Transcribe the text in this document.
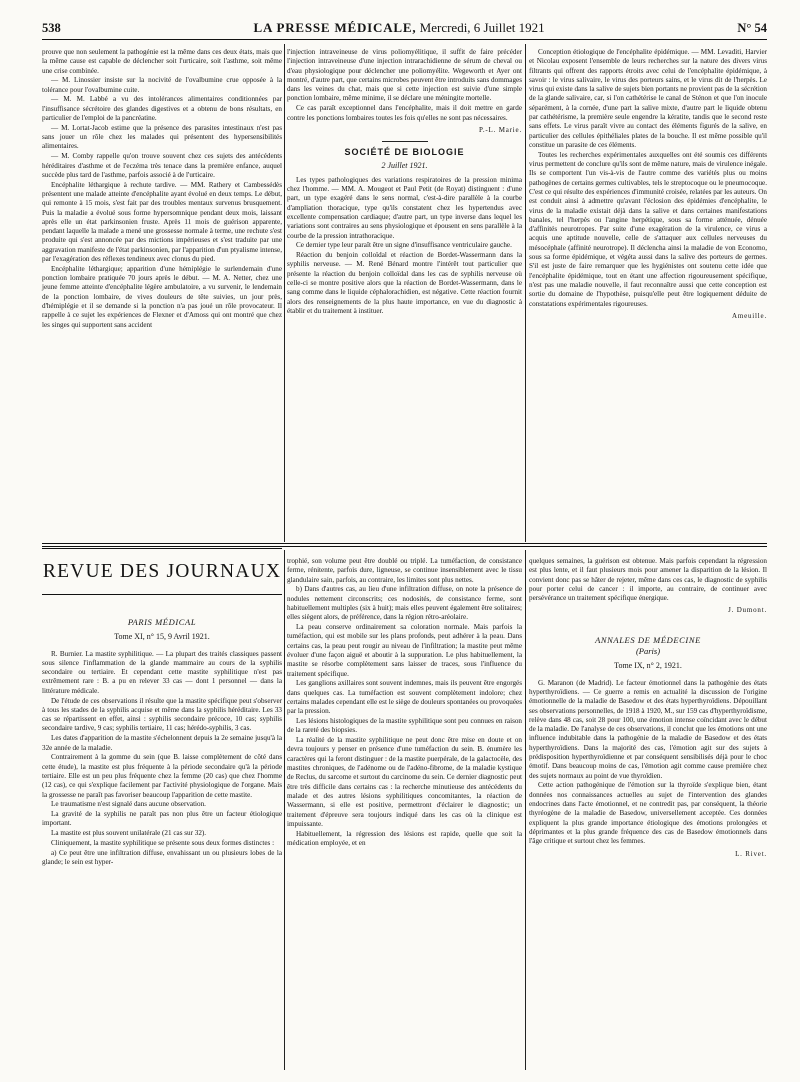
538	LA PRESSE MÉDICALE, Mercredi, 6 Juillet 1921	N° 54

prouve que non seulement la pathogénie est la même dans ces deux états, mais que la même cause est capable de déclencher soit l'urticaire, soit l'asthme, soit même une crise combinée.

— M. Linossier insiste sur la nocivité de l'ovalbumine crue opposée à la tolérance pour l'ovalbumine cuite.

— M. M. Labbé a vu des intolérances alimentaires conditionnées par l'insuffisance sécrétoire des glandes digestives et a obtenu de bons résultats, en particulier de l'emploi de la pancréatine.

— M. Lortat-Jacob estime que la présence des parasites intestinaux n'est pas sans jouer un rôle chez les malades qui présentent des hypersensibilités alimentaires.

— M. Comby rappelle qu'on trouve souvent chez ces sujets des antécédents héréditaires d'asthme et de l'eczéma très tenace dans la première enfance, auquel succède plus tard de l'asthme, parfois associé à de l'urticaire.

Encéphalite léthargique à rechute tardive. — MM. Rathery et Cambessédès présentent une malade atteinte d'encéphalite ayant évolué en deux temps. Le début, qui remonte à 15 mois, s'est fait par des troubles mentaux survenus brusquement. Puis la maladie a évolué sous forme hypersomnique pendant deux mois, laissant après elle un état parkinsonien fruste. Après 11 mois de guérison apparente, pendant laquelle la malade a mené une grossesse normale à terme, une rechute s'est produite qui s'est annoncée par des mictions impérieuses et s'est traduite par une aggravation manifeste de l'état parkinsonien, par l'apparition d'un ptyalisme intense, par l'exagération des réflexes tendineux avec clonus du pied.

Encéphalite léthargique; apparition d'une hémiplégie le surlendemain d'une ponction lombaire pratiquée 70 jours après le début. — M. A. Netter, chez une jeune femme atteinte d'encéphalite légère ambulatoire, a vu survenir, le lendemain de la ponction lombaire, de vives douleurs de tête suivies, un jour près, d'hémiplégie et il se demande si la ponction n'a pas joué un rôle provocateur. Il rappelle à ce sujet les expériences de Flexner et d'Amoss qui ont montré que chez les singes qui supportent sans accident

l'injection intraveineuse de virus poliomyélitique, il suffit de faire précéder l'injection intraveineuse d'une injection intrarachidienne de sérum de cheval ou d'eau physiologique pour déclencher une poliomyélite. Wegeworth et Ayer ont montré, d'autre part, que certains microbes peuvent être introduits sans dommages dans les veines du chat, mais que si cette injection est suivie d'une simple ponction lombaire, même minime, il se déclare une méningite mortelle.

Ce cas paraît exceptionnel dans l'encéphalite, mais il doit mettre en garde contre les ponctions lombaires toutes les fois qu'elles ne sont pas nécessaires.

P.-L. Marie.
SOCIÉTÉ DE BIOLOGIE
2 Juillet 1921.

Les types pathologiques des variations respiratoires de la pression minima chez l'homme. — MM. A. Mougeot et Paul Petit (de Royat) distinguent : d'une part, un type exagéré dans le sens normal, c'est-à-dire parallèle à la courbe d'ampliation thoracique, type qu'ils constatent chez les hypertendus avec excellente compensation cardiaque; d'autre part, un type inverse dans lequel les variations sont contraires au sens physiologique et épousent en sens parallèle à la courbe de la pression intrathoracique.

Ce dernier type leur paraît être un signe d'insuffisance ventriculaire gauche.

Réaction du benjoin colloïdal et réaction de Bordet-Wassermann dans la syphilis nerveuse. — M. René Bénard montre l'intérêt tout particulier que présente la réaction du benjoin colloïdal dans les cas de syphilis nerveuse où celle-ci se montre positive alors que la réaction de Bordet-Wassermann, dans le sang comme dans le liquide céphalorachidien, est négative. Cette réaction fournit alors des renseignements de la plus haute importance, en vue du diagnostic à établir et du traitement à instituer.

Conception étiologique de l'encéphalite épidémique. — MM. Levaditi, Harvier et Nicolau exposent l'ensemble de leurs recherches sur la nature des divers virus filtrants qui offrent des rapports étroits avec celui de l'encéphalite épidémique, à savoir : le virus salivaire, le virus des porteurs sains, et le virus dit de l'herpès. Le virus qui existe dans la salive de sujets bien portants ne provient pas de la sécrétion de la glande salivaire, car, si l'on cathétérise le canal de Sténon et que l'on inocule séparément, à la cornée, d'une part la salive mixte, d'autre part le liquide obtenu par cathétérisme, la première seule engendre la kératite, tandis que le second reste sans effets. Le virus paraît vivre au contact des éléments figurés de la salive, en particulier des cellules épithéliales plates de la bouche. Il est même possible qu'il constitue un parasite de ces éléments.

Toutes les recherches expérimentales auxquelles ont été soumis ces différents virus permettent de conclure qu'ils sont de même nature, mais de virulence inégale. Ils se comportent l'un vis-à-vis de l'autre comme des variétés plus ou moins pathogènes de certains germes cultivables, tels le streptocoque ou le pneumocoque. C'est ce qui résulte des expériences d'immunité croisée, relatées par les auteurs. On est conduit ainsi à admettre qu'avant l'éclosion des épidémies d'encéphalite, le virus de la maladie existait déjà dans la salive et dans certaines manifestations banales, tel l'herpès ou l'angine herpétique, sous sa forme atténuée, dénuée d'affinités neurotropes. Par suite d'une exagération de la virulence, ce virus a acquis une aptitude nouvelle, celle de s'attaquer aux cellules nerveuses du mésocéphale (affinité neurotrope). Il déclencha ainsi la maladie de von Economo, sous sa forme épidémique, et végéta aussi dans la salive des porteurs de germes. S'il est juste de faire remarquer que les hygiénistes ont soutenu cette idée que l'encéphalite épidémique, tout en étant une affection rigoureusement spécifique, n'est pas une maladie nouvelle, il faut reconnaître aussi que cette conception est sortie du domaine de l'hypothèse, puisqu'elle peut être logiquement déduite de constatations expérimentales rigoureuses.

Ameuille.
REVUE DES JOURNAUX
PARIS MÉDICAL
Tome XI, n° 15, 9 Avril 1921.

R. Burnier. La mastite syphilitique. — La plupart des traités classiques passent sous silence l'inflammation de la glande mammaire au cours de la syphilis secondaire ou tertiaire. Et cependant cette mastite syphilitique n'est pas extrêmement rare : B. a pu en relever 33 cas — dont 1 personnel — dans la littérature médicale.

De l'étude de ces observations il résulte que la mastite spécifique peut s'observer à tous les stades de la syphilis acquise et même dans la syphilis héréditaire. Les 33 cas se répartissent en effet, ainsi : syphilis secondaire précoce, 10 cas; syphilis secondaire tardive, 9 cas; syphilis tertiaire, 11 cas; hérédo-syphilis, 3 cas.

Les dates d'apparition de la mastite s'échelonnent depuis la 2e semaine jusqu'à la 32e année de la maladie.

Contrairement à la gomme du sein (que B. laisse complètement de côté dans cette étude), la mastite est plus fréquente à la période secondaire qu'à la période tertiaire. Elle est un peu plus fréquente chez la femme (20 cas) que chez l'homme (12 cas), ce qui s'explique facilement par l'activité physiologique de l'organe. Mais la grossesse ne paraît pas favoriser beaucoup l'apparition de cette mastite.

Le traumatisme n'est signalé dans aucune observation.

La gravité de la syphilis ne paraît pas non plus être un facteur étiologique important.

La mastite est plus souvent unilatérale (21 cas sur 32).

Cliniquement, la mastite syphilitique se présente sous deux formes distinctes :

a) Ce peut être une infiltration diffuse, envahissant un ou plusieurs lobes de la glande; le sein est hyper-

trophié, son volume peut être doublé ou triplé. La tuméfaction, de consistance ferme, rénitente, parfois dure, ligneuse, se continue insensiblement avec le tissu glandulaire sain, parfois, au contraire, les limites sont plus nettes.

b) Dans d'autres cas, au lieu d'une infiltration diffuse, on note la présence de nodules nettement circonscrits; ces nodosités, de consistance ferme, sont habituellement multiples (six à huit); mais elles peuvent également être solitaires; elles siègent alors, de préférence, dans la région rétro-aréolaire.

La peau conserve ordinairement sa coloration normale. Mais parfois la tuméfaction, qui est mobile sur les plans profonds, peut adhérer à la peau. Dans certains cas, la peau peut rougir au niveau de l'infiltration; la mastite peut même évoluer d'une façon aiguë et aboutir à la suppuration. Le plus habituellement, la mastite se résorbe complètement sans laisser de traces, sous l'influence du traitement spécifique.

Les ganglions axillaires sont souvent indemnes, mais ils peuvent être engorgés dans quelques cas. La tuméfaction est souvent complètement indolore; chez certains malades cependant elle est le siège de douleurs spontanées ou provoquées par la pression.

Les lésions histologiques de la mastite syphilitique sont peu connues en raison de la rareté des biopsies.

La réalité de la mastite syphilitique ne peut donc être mise en doute et on devra toujours y penser en présence d'une tuméfaction du sein. B. énumère les caractères qui la feront distinguer : de la mastite puerpérale, de la galactocèle, des mastites chroniques, de l'adénome ou de l'adéno-fibrome, de la maladie kystique de Reclus, du sarcome et surtout du carcinome du sein. Ce dernier diagnostic peut être très difficile dans certains cas : la recherche minutieuse des antécédents du malade et des autres lésions syphilitiques concomitantes, la réaction de Wassermann, si elle est positive, permettront d'éclairer le diagnostic; un traitement d'épreuve sera toujours indiqué dans les cas où la clinique est impuissante.

Habituellement, la régression des lésions est rapide, quelle que soit la médication employée, et en

quelques semaines, la guérison est obtenue. Mais parfois cependant la régression est plus lente, et il faut plusieurs mois pour amener la disparition de la lésion. Il convient donc pas se hâter de rejeter, même dans ces cas, le diagnostic de syphilis pour porter celui de cancer : il importe, au contraire, de continuer avec persévérance un traitement spécifique énergique.

J. Dumont.
ANNALES DE MÉDECINE
(Paris)
Tome IX, n° 2, 1921.

G. Maranon (de Madrid). Le facteur émotionnel dans la pathogénie des états hyperthyroïdiens. — Ce guerre a remis en actualité la discussion de l'origine émotionnelle de la maladie de Basedow et des états hyperthyroïdiens. Dépouillant ses observations personnelles, de 1918 à 1920, M., sur 159 cas d'hyperthyroïdisme, relève dans 48 cas, soit 28 pour 100, une émotion intense coïncidant avec le début de la maladie. De l'analyse de ces observations, il conclut que les émotions ont une influence indubitable dans la pathogénie de la maladie de Basedow et des états hyperthyroïdiens. Dans la majorité des cas, l'émotion agit sur des sujets à prédisposition hyperthyroïdienne et par conséquent sensibilisés déjà pour le choc émotif. Dans beaucoup moins de cas, l'émotion agit comme cause première chez des sujets normaux au point de vue thyroïdien.

Cette action pathogénique de l'émotion sur la thyroïde s'explique bien, étant données nos connaissances actuelles au sujet de l'intervention des glandes endocrines dans l'acte émotionnel, et ne contredit pas, par conséquent, la théorie thyréogène de la maladie de Basedow, universellement acceptée. Ces données expliquent la plus grande importance étiologique des émotions prolongées et déprimantes et la plus grande fréquence des cas de Basedow émotionnels dans l'âge critique et surtout chez les femmes.

L. Rivet.
